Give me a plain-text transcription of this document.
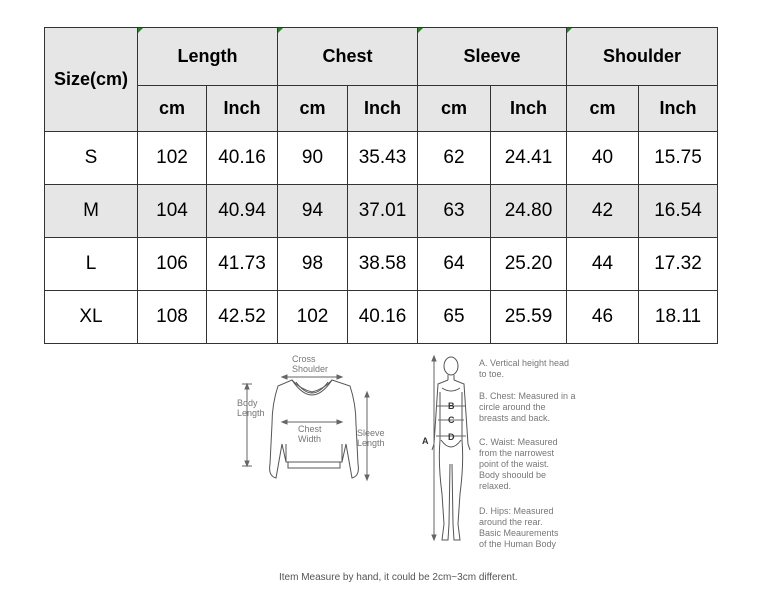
Size(cm)	Length		Chest		Sleeve		Shoulder	
	cm	Inch	cm	Inch	cm	Inch	cm	Inch
S	102	40.16	90	35.43	62	24.41	40	15.75
M	104	40.94	94	37.01	63	24.80	42	16.54
L	106	41.73	98	38.58	64	25.20	44	17.32
XL	108	42.52	102	40.16	65	25.59	46	18.11
Cross
Shoulder
Body
Length
Chest
Width
Sleeve
Length	A
B
C
D
A. Vertical height head
to toe.
B. Chest: Measured in a
circle around the
breasts and back.
C. Waist: Measured
from the narrowest
point of the waist.
Body shoould be
relaxed.
D. Hips: Measured
around the rear.
Basic Meaurements
of the Human Body
Item Measure by hand, it could be 2cm~3cm different.
